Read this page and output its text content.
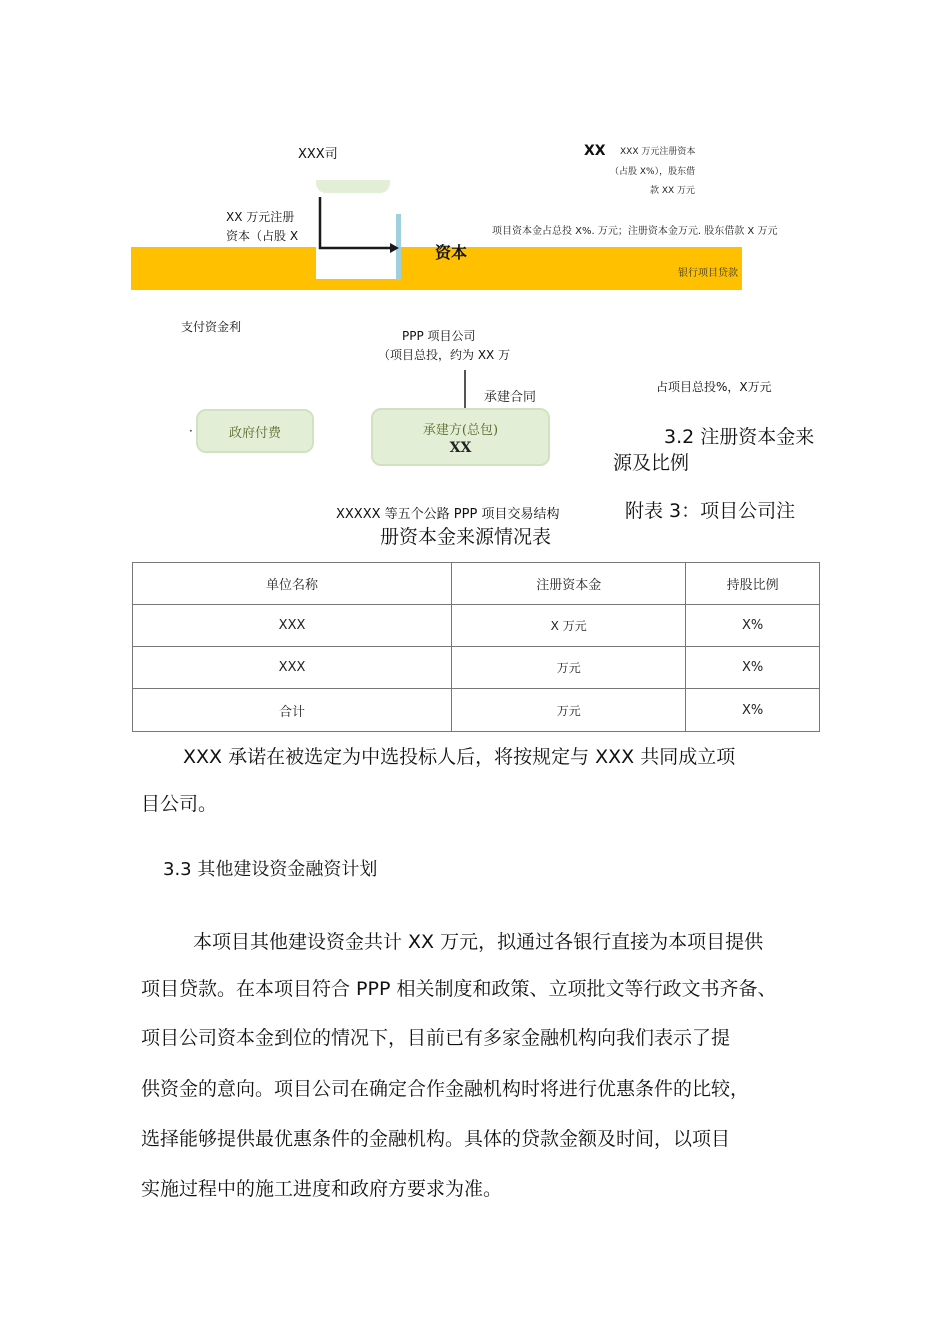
XXX司	XX XXX 万元注册资本
（占股 X%），股东借
款 XX 万元
XX 万元注册
资本（占股 X	项目资本金占总投 X%. 万元；注册资本金万元. 股东借款 X 万元
资本
银行项目贷款
支付资金利
PPP 项目公司
（项目总投，约为 XX 万
承建合同
占项目总投%，X万元
·	政府付费	承建方(总包)
XX
XXXXX 等五个公路 PPP 项目交易结构
3.2 注册资本金来
源及比例
附表 3：项目公司注
册资本金来源情况表
单位名称	注册资本金	持股比例
XXX	X 万元	X%
XXX	万元	X%
合计	万元	X%
XXX 承诺在被选定为中选投标人后，将按规定与 XXX 共同成立项
目公司。
3.3 其他建设资金融资计划
本项目其他建设资金共计 XX 万元，拟通过各银行直接为本项目提供
项目贷款。在本项目符合 PPP 相关制度和政策、立项批文等行政文书齐备、
项目公司资本金到位的情况下，目前已有多家金融机构向我们表示了提
供资金的意向。项目公司在确定合作金融机构时将进行优惠条件的比较，
选择能够提供最优惠条件的金融机构。具体的贷款金额及时间，以项目
实施过程中的施工进度和政府方要求为准。
